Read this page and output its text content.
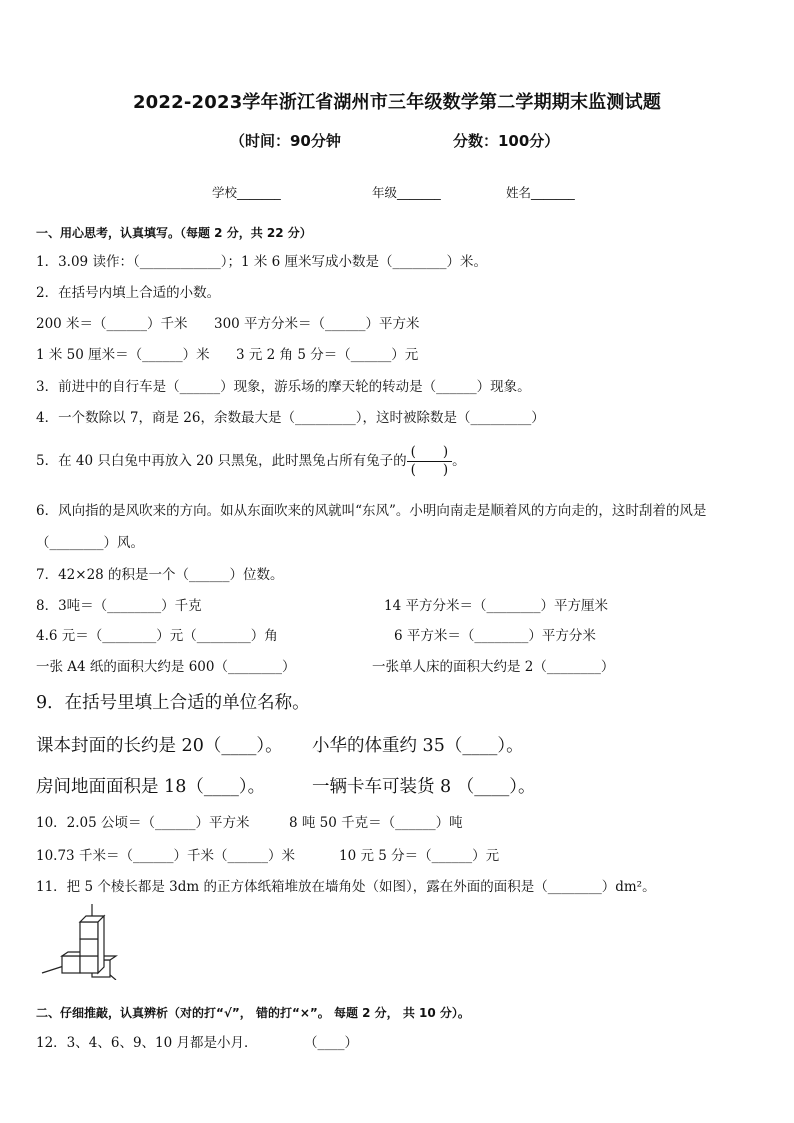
2022-2023学年浙江省湖州市三年级数学第二学期期末监测试题
（时间：90分钟	分数：100分）
学校_______	年级_______	姓名_______
一、用心思考，认真填写。（每题 2 分，共 22 分）
1．3.09 读作：（____________）；1 米 6 厘米写成小数是（________）米。
2．在括号内填上合适的小数。
200 米＝（______）千米 300 平方分米＝（______）平方米
1 米 50 厘米＝（______）米 3 元 2 角 5 分＝（______）元
3．前进中的自行车是（______）现象，游乐场的摩天轮的转动是（______）现象。
4．一个数除以 7，商是 26，余数最大是（_________），这时被除数是（_________）
5．在 40 只白兔中再放入 20 只黑兔，此时黑兔占所有兔子的 $\frac{( )}{( )}$ 。
6．风向指的是风吹来的方向。如从东面吹来的风就叫“东风”。小明向南走是顺着风的方向走的，这时刮着的风是
（________）风。
7．42×28 的积是一个（______）位数。
8．3吨＝（________）千克	14 平方分米＝（________）平方厘米
4.6 元＝（________）元（________）角	6 平方米＝（________）平方分米
一张 A4 纸的面积大约是 600（________）	一张单人床的面积大约是 2（________）
9．在括号里填上合适的单位名称。
课本封面的长约是 20（____）。 小华的体重约 35（____）。
房间地面面积是 18（____）。	一辆卡车可装货 8 （____）。
10．2.05 公顷＝（______）平方米	8 吨 50 千克＝（______）吨
10.73 千米＝（______）千米（______）米	10 元 5 分＝（______）元
11．把 5 个棱长都是 3dm 的正方体纸箱堆放在墙角处（如图），露在外面的面积是（________）dm²。
二、仔细推敲，认真辨析（对的打“√”， 错的打“×”。 每题 2 分， 共 10 分）。
12．3、4、6、9、10 月都是小月．	（____）
